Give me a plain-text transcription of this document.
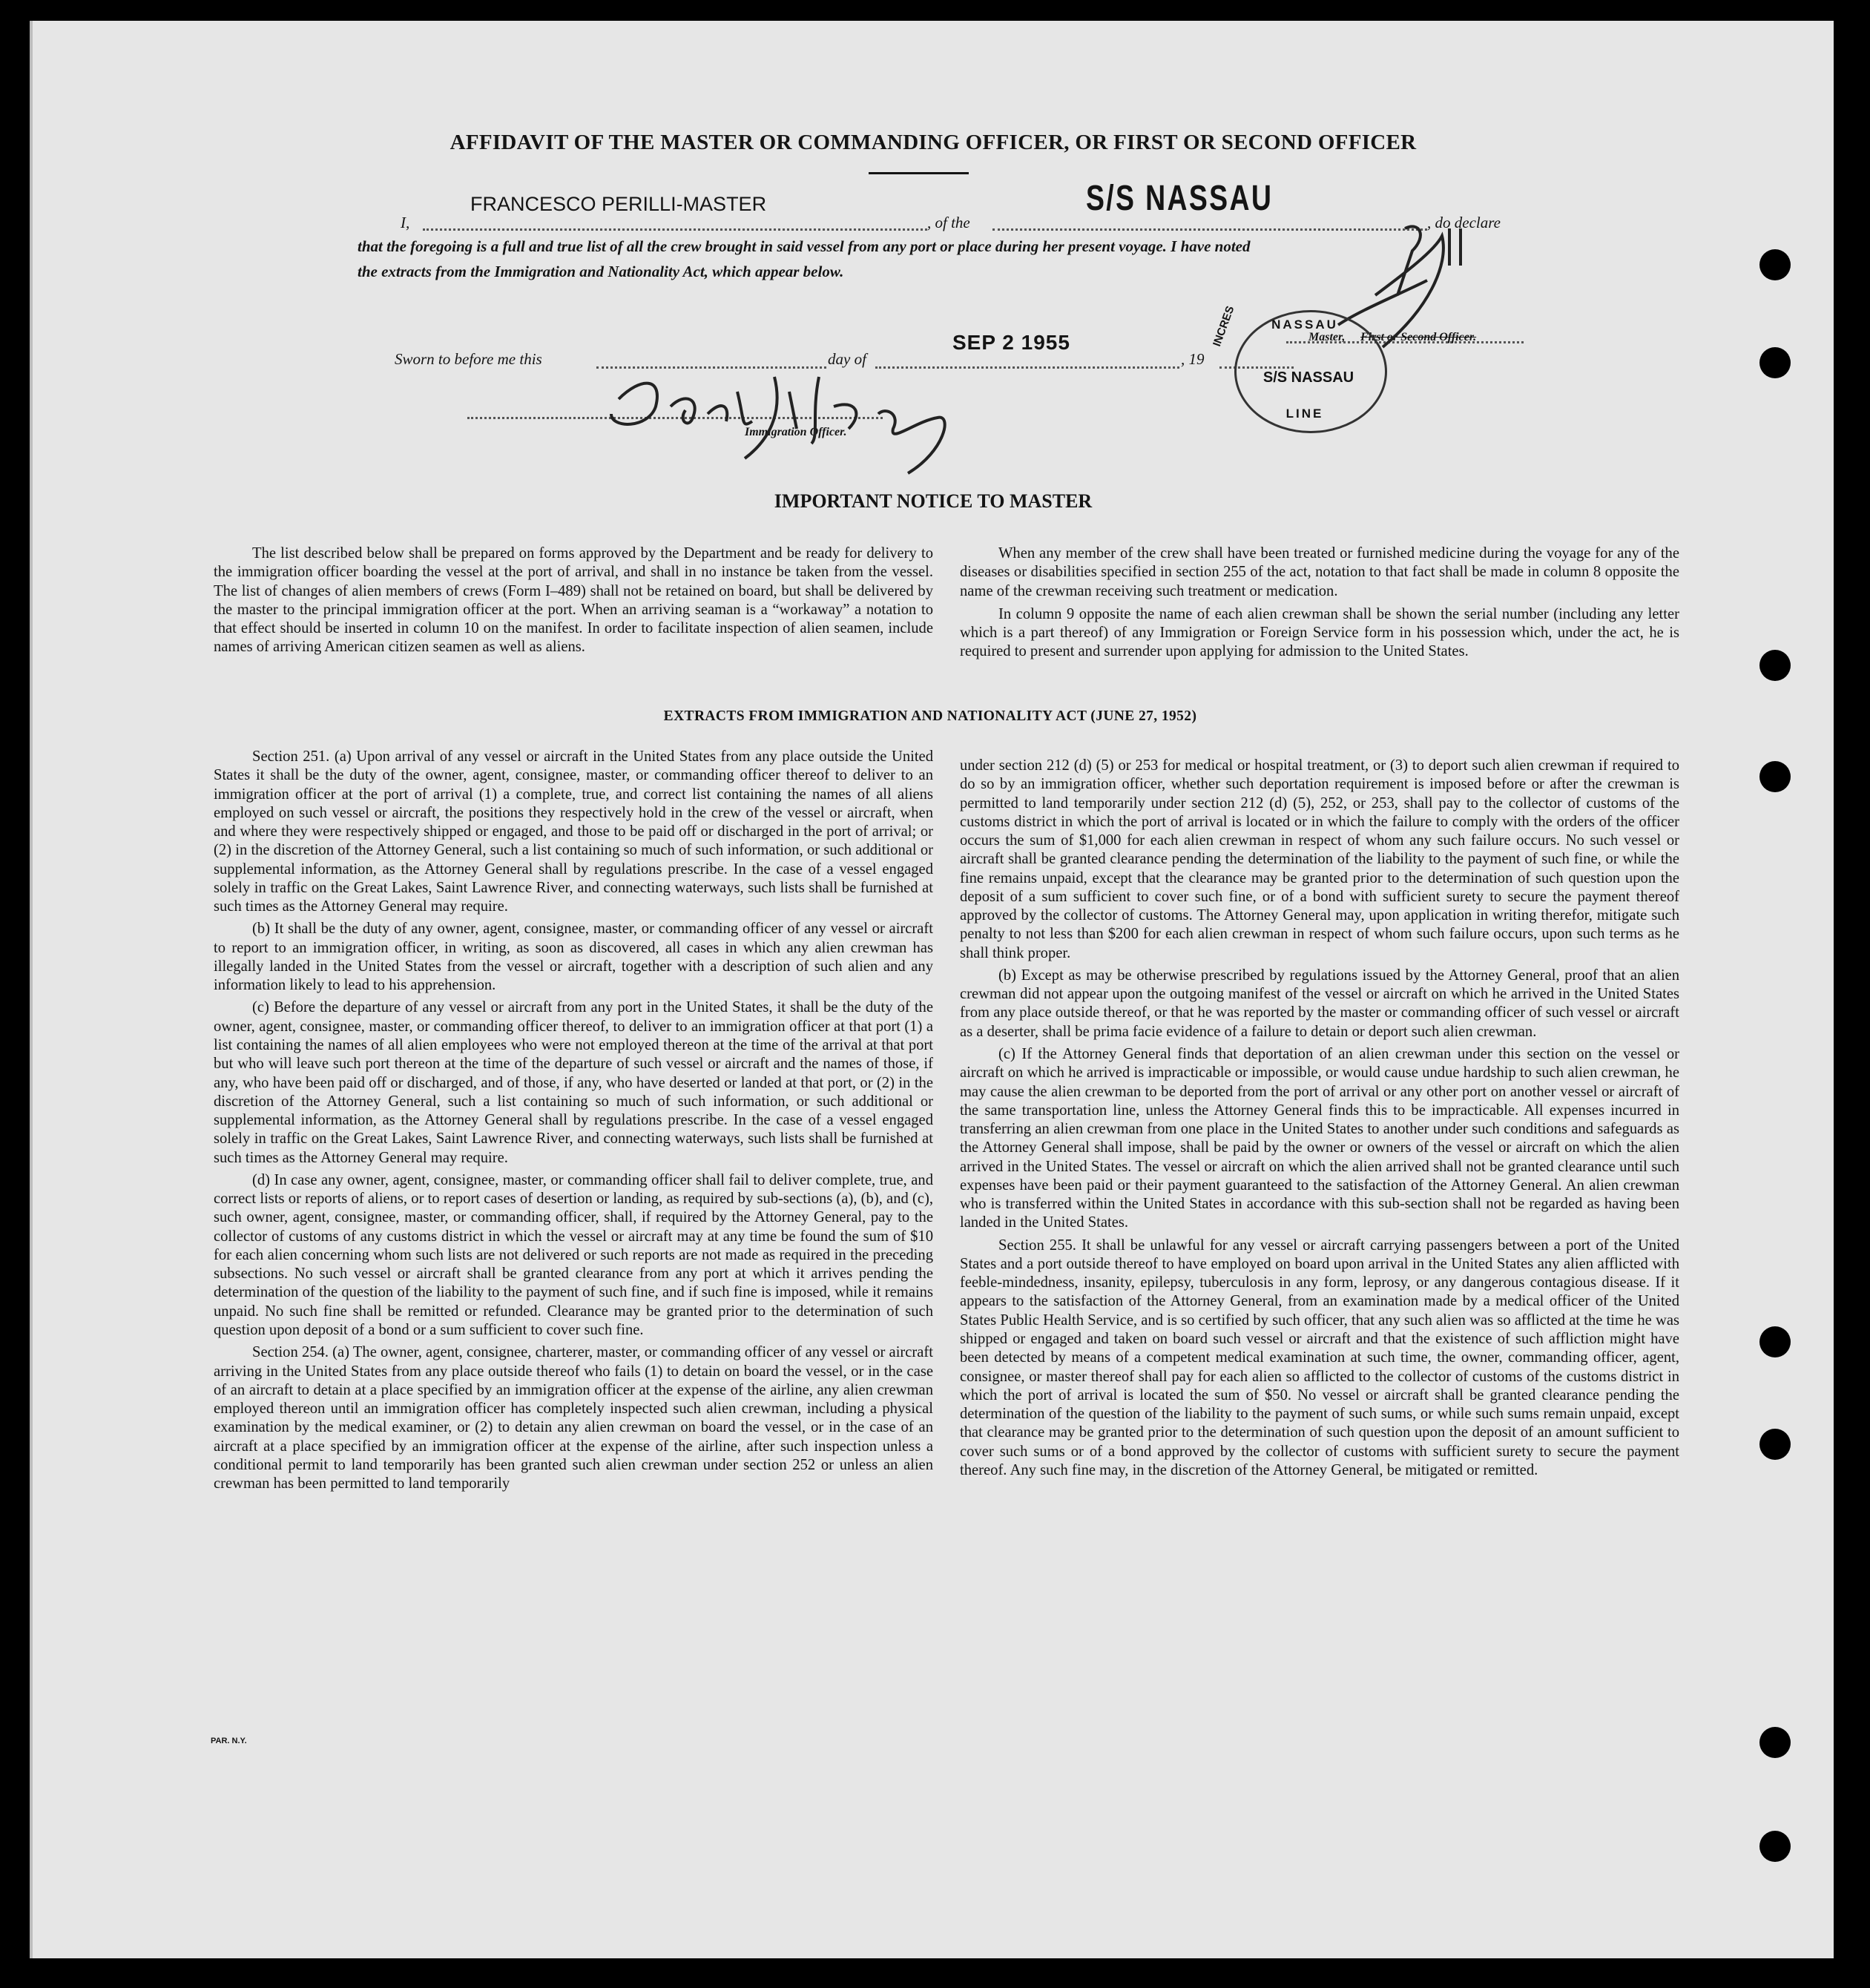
AFFIDAVIT OF THE MASTER OR COMMANDING OFFICER, OR FIRST OR SECOND OFFICER
I,
FRANCESCO PERILLI-MASTER
, of the
S/S NASSAU
, do declare
that the foregoing is a full and true list of all the crew brought in said vessel from any port or place during her present voyage. I have noted
the extracts from the Immigration and Nationality Act, which appear below.
Sworn to before me this	day of
SEP 2 1955
, 19
Master, First or Second Officer.
Immigration Officer.
NASSAU
S/S NASSAU
INCRES
LINE
IMPORTANT NOTICE TO MASTER

The list described below shall be prepared on forms approved by the Department and be ready for delivery to the immigration officer boarding the vessel at the port of arrival, and shall in no instance be taken from the vessel. The list of changes of alien members of crews (Form I–489) shall not be retained on board, but shall be delivered by the master to the principal immigration officer at the port. When an arriving seaman is a “workaway” a notation to that effect should be inserted in column 10 on the manifest. In order to facilitate inspection of alien seamen, include names of arriving American citizen seamen as well as aliens.

When any member of the crew shall have been treated or furnished medicine during the voyage for any of the diseases or disabilities specified in section 255 of the act, notation to that fact shall be made in column 8 opposite the name of the crewman receiving such treatment or medication.

In column 9 opposite the name of each alien crewman shall be shown the serial number (including any letter which is a part thereof) of any Immigration or Foreign Service form in his possession which, under the act, he is required to present and surrender upon applying for admission to the United States.

EXTRACTS FROM IMMIGRATION AND NATIONALITY ACT (JUNE 27, 1952)

Section 251. (a) Upon arrival of any vessel or aircraft in the United States from any place outside the United States it shall be the duty of the owner, agent, consignee, master, or commanding officer thereof to deliver to an immigration officer at the port of arrival (1) a complete, true, and correct list containing the names of all aliens employed on such vessel or aircraft, the positions they respectively hold in the crew of the vessel or aircraft, when and where they were respectively shipped or engaged, and those to be paid off or discharged in the port of arrival; or (2) in the discretion of the Attorney General, such a list containing so much of such information, or such additional or supplemental information, as the Attorney General shall by regulations prescribe. In the case of a vessel engaged solely in traffic on the Great Lakes, Saint Lawrence River, and connecting waterways, such lists shall be furnished at such times as the Attorney General may require.

(b) It shall be the duty of any owner, agent, consignee, master, or commanding officer of any vessel or aircraft to report to an immigration officer, in writing, as soon as discovered, all cases in which any alien crewman has illegally landed in the United States from the vessel or aircraft, together with a description of such alien and any information likely to lead to his apprehension.

(c) Before the departure of any vessel or aircraft from any port in the United States, it shall be the duty of the owner, agent, consignee, master, or commanding officer thereof, to deliver to an immigration officer at that port (1) a list containing the names of all alien employees who were not employed thereon at the time of the arrival at that port but who will leave such port thereon at the time of the departure of such vessel or aircraft and the names of those, if any, who have been paid off or discharged, and of those, if any, who have deserted or landed at that port, or (2) in the discretion of the Attorney General, such a list containing so much of such information, or such additional or supplemental information, as the Attorney General shall by regulations prescribe. In the case of a vessel engaged solely in traffic on the Great Lakes, Saint Lawrence River, and connecting waterways, such lists shall be furnished at such times as the Attorney General may require.

(d) In case any owner, agent, consignee, master, or commanding officer shall fail to deliver complete, true, and correct lists or reports of aliens, or to report cases of desertion or landing, as required by sub-sections (a), (b), and (c), such owner, agent, consignee, master, or commanding officer, shall, if required by the Attorney General, pay to the collector of customs of any customs district in which the vessel or aircraft may at any time be found the sum of $10 for each alien concerning whom such lists are not delivered or such reports are not made as required in the preceding subsections. No such vessel or aircraft shall be granted clearance from any port at which it arrives pending the determination of the question of the liability to the payment of such fine, and if such fine is imposed, while it remains unpaid. No such fine shall be remitted or refunded. Clearance may be granted prior to the determination of such question upon deposit of a bond or a sum sufficient to cover such fine.

Section 254. (a) The owner, agent, consignee, charterer, master, or commanding officer of any vessel or aircraft arriving in the United States from any place outside thereof who fails (1) to detain on board the vessel, or in the case of an aircraft to detain at a place specified by an immigration officer at the expense of the airline, any alien crewman employed thereon until an immigration officer has completely inspected such alien crewman, including a physical examination by the medical examiner, or (2) to detain any alien crewman on board the vessel, or in the case of an aircraft at a place specified by an immigration officer at the expense of the airline, after such inspection unless a conditional permit to land temporarily has been granted such alien crewman under section 252 or unless an alien crewman has been permitted to land temporarily

under section 212 (d) (5) or 253 for medical or hospital treatment, or (3) to deport such alien crewman if required to do so by an immigration officer, whether such deportation requirement is imposed before or after the crewman is permitted to land temporarily under section 212 (d) (5), 252, or 253, shall pay to the collector of customs of the customs district in which the port of arrival is located or in which the failure to comply with the orders of the officer occurs the sum of $1,000 for each alien crewman in respect of whom any such failure occurs. No such vessel or aircraft shall be granted clearance pending the determination of the liability to the payment of such fine, or while the fine remains unpaid, except that the clearance may be granted prior to the determination of such question upon the deposit of a sum sufficient to cover such fine, or of a bond with sufficient surety to secure the payment thereof approved by the collector of customs. The Attorney General may, upon application in writing therefor, mitigate such penalty to not less than $200 for each alien crewman in respect of whom such failure occurs, upon such terms as he shall think proper.

(b) Except as may be otherwise prescribed by regulations issued by the Attorney General, proof that an alien crewman did not appear upon the outgoing manifest of the vessel or aircraft on which he arrived in the United States from any place outside thereof, or that he was reported by the master or commanding officer of such vessel or aircraft as a deserter, shall be prima facie evidence of a failure to detain or deport such alien crewman.

(c) If the Attorney General finds that deportation of an alien crewman under this section on the vessel or aircraft on which he arrived is impracticable or impossible, or would cause undue hardship to such alien crewman, he may cause the alien crewman to be deported from the port of arrival or any other port on another vessel or aircraft of the same transportation line, unless the Attorney General finds this to be impracticable. All expenses incurred in transferring an alien crewman from one place in the United States to another under such conditions and safeguards as the Attorney General shall impose, shall be paid by the owner or owners of the vessel or aircraft on which the alien arrived in the United States. The vessel or aircraft on which the alien arrived shall not be granted clearance until such expenses have been paid or their payment guaranteed to the satisfaction of the Attorney General. An alien crewman who is transferred within the United States in accordance with this sub-section shall not be regarded as having been landed in the United States.

Section 255. It shall be unlawful for any vessel or aircraft carrying passengers between a port of the United States and a port outside thereof to have employed on board upon arrival in the United States any alien afflicted with feeble-mindedness, insanity, epilepsy, tuberculosis in any form, leprosy, or any dangerous contagious disease. If it appears to the satisfaction of the Attorney General, from an examination made by a medical officer of the United States Public Health Service, and is so certified by such officer, that any such alien was so afflicted at the time he was shipped or engaged and taken on board such vessel or aircraft and that the existence of such affliction might have been detected by means of a competent medical examination at such time, the owner, commanding officer, agent, consignee, or master thereof shall pay for each alien so afflicted to the collector of customs of the customs district in which the port of arrival is located the sum of $50. No vessel or aircraft shall be granted clearance pending the determination of the question of the liability to the payment of such sums, or while such sums remain unpaid, except that clearance may be granted prior to the determination of such question upon the deposit of an amount sufficient to cover such sums or of a bond approved by the collector of customs with sufficient surety to secure the payment thereof. Any such fine may, in the discretion of the Attorney General, be mitigated or remitted.

PAR. N.Y.
